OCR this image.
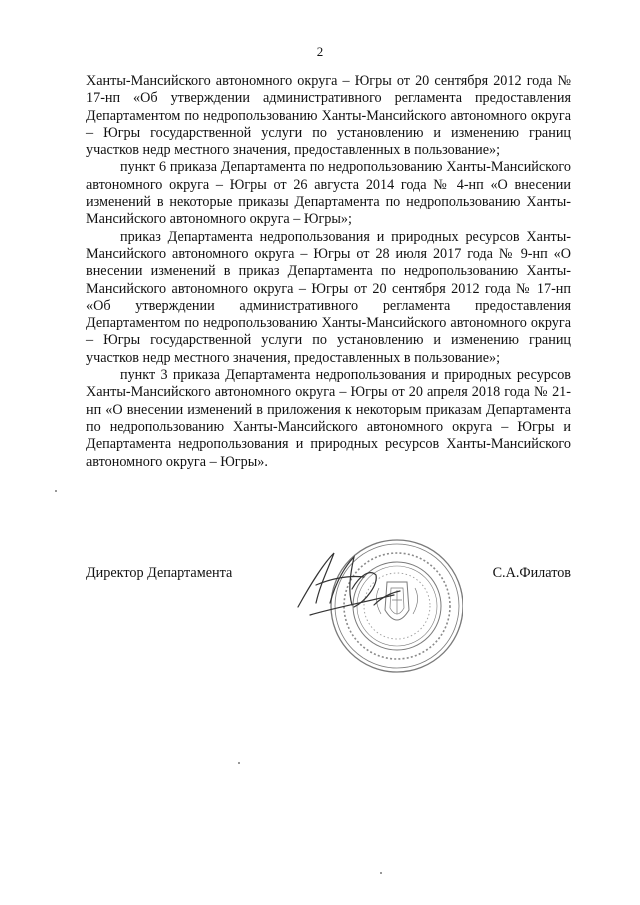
2

Ханты-Мансийского автономного округа – Югры от 20 сентября 2012 года № 17-нп «Об утверждении административного регламента предоставления Департаментом по недропользованию Ханты-Мансийского автономного округа – Югры государственной услуги по установлению и изменению границ участков недр местного значения, предоставленных в пользование»;

пункт 6 приказа Департамента по недропользованию Ханты-Мансийского автономного округа – Югры от 26 августа 2014 года № 4-нп «О внесении изменений в некоторые приказы Департамента по недропользованию Ханты-Мансийского автономного округа – Югры»;

приказ Департамента недропользования и природных ресурсов Ханты-Мансийского автономного округа – Югры от 28 июля 2017 года № 9-нп «О внесении изменений в приказ Департамента по недропользованию Ханты-Мансийского автономного округа – Югры от 20 сентября 2012 года № 17-нп «Об утверждении административного регламента предоставления Департаментом по недропользованию Ханты-Мансийского автономного округа – Югры государственной услуги по установлению и изменению границ участков недр местного значения, предоставленных в пользование»;

пункт 3 приказа Департамента недропользования и природных ресурсов Ханты-Мансийского автономного округа – Югры от 20 апреля 2018 года № 21-нп «О внесении изменений в приложения к некоторым приказам Департамента по недропользованию Ханты-Мансийского автономного округа – Югры и Департамента недропользования и природных ресурсов Ханты-Мансийского автономного округа – Югры».

Директор Департамента	С.А.Филатов
